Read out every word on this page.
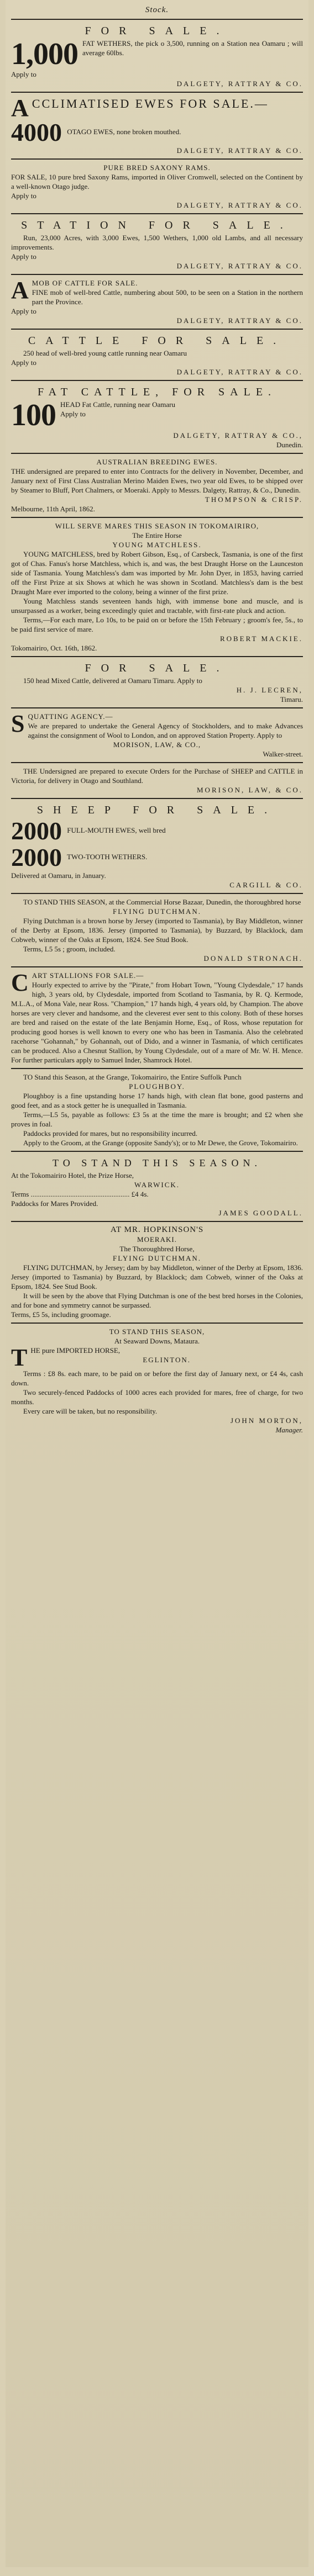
Stock.
FOR SALE.
1,000 FAT WETHERS, the pick o 3,500, running on a Station nea Oamaru ; will average 60lbs.

Apply to

DALGETY, RATTRAY & CO.
A CCLIMATISED EWES FOR SALE.—
4000 OTAGO EWES, none broken mouthed.
DALGETY, RATTRAY & CO.
PURE BRED SAXONY RAMS.

FOR SALE, 10 pure bred Saxony Rams, imported in Oliver Cromwell, selected on the Continent by a well-known Otago judge.

Apply to

DALGETY, RATTRAY & CO.
STATION FOR SALE.

Run, 23,000 Acres, with 3,000 Ewes, 1,500 Wethers, 1,000 old Lambs, and all necessary improvements.

Apply to

DALGETY, RATTRAY & CO.
A MOB OF CATTLE FOR SALE.

FINE mob of well-bred Cattle, numbering about 500, to be seen on a Station in the northern part the Province.

Apply to

DALGETY, RATTRAY & CO.
CATTLE FOR SALE.

250 head of well-bred young cattle running near Oamaru

Apply to

DALGETY, RATTRAY & CO.
FAT CATTLE, FOR SALE.
100 HEAD Fat Cattle, running near Oamaru

Apply to

DALGETY, RATTRAY & CO.,
Dunedin.
AUSTRALIAN BREEDING EWES.

THE undersigned are prepared to enter into Contracts for the delivery in November, December, and January next of First Class Australian Merino Maiden Ewes, two year old Ewes, to be shipped over by Steamer to Bluff, Port Chalmers, or Moeraki. Apply to Messrs. Dalgety, Rattray, & Co., Dunedin.

THOMPSON & CRISP.

Melbourne, 11th April, 1862.

WILL SERVE MARES THIS SEASON IN TOKOMAIRIRO,
The Entire Horse
YOUNG MATCHLESS.

YOUNG MATCHLESS, bred by Robert Gibson, Esq., of Carsbeck, Tasmania, is one of the first got of Chas. Fanus's horse Matchless, which is, and was, the best Draught Horse on the Launceston side of Tasmania. Young Matchless's dam was imported by Mr. John Dyer, in 1853, having carried off the First Prize at six Shows at which he was shown in Scotland. Matchless's dam is the best Draught Mare ever imported to the colony, being a winner of the first prize.

Young Matchless stands seventeen hands high, with immense bone and muscle, and is unsurpassed as a worker, being exceedingly quiet and tractable, with first-rate pluck and action.

Terms,—For each mare, Lo 10s, to be paid on or before the 15th February ; groom's fee, 5s., to be paid first service of mare.

ROBERT MACKIE.

Tokomairiro, Oct. 16th, 1862.

FOR SALE.

150 head Mixed Cattle, delivered at Oamaru Timaru. Apply to

H. J. LECREN,
Timaru.
S QUATTING AGENCY.—

We are prepared to undertake the General Agency of Stockholders, and to make Advances against the consignment of Wool to London, and on approved Station Property. Apply to

MORISON, LAW, & CO.,
Walker-street.

THE Undersigned are prepared to execute Orders for the Purchase of SHEEP and CATTLE in Victoria, for delivery in Otago and Southland.

MORISON, LAW, & CO.
SHEEP FOR SALE.
2000 FULL-MOUTH EWES, well bred
2000 TWO-TOOTH WETHERS.

Delivered at Oamaru, in January.

CARGILL & CO.

TO STAND THIS SEASON, at the Commercial Horse Bazaar, Dunedin, the thoroughbred horse

FLYING DUTCHMAN.

Flying Dutchman is a brown horse by Jersey (imported to Tasmania), by Bay Middleton, winner of the Derby at Epsom, 1836. Jersey (imported to Tasmania), by Buzzard, by Blacklock, dam Cobweb, winner of the Oaks at Epsom, 1824. See Stud Book.

Terms, L5 5s ; groom, included.

DONALD STRONACH.
C ART STALLIONS FOR SALE.—

Hourly expected to arrive by the "Pirate," from Hobart Town, "Young Clydesdale," 17 hands high, 3 years old, by Clydesdale, imported from Scotland to Tasmania, by R. Q. Kermode, M.L.A., of Mona Vale, near Ross. "Champion," 17 hands high, 4 years old, by Champion. The above horses are very clever and handsome, and the cleverest ever sent to this colony. Both of these horses are bred and raised on the estate of the late Benjamin Horne, Esq., of Ross, whose reputation for producing good horses is well known to every one who has been in Tasmania. Also the celebrated racehorse "Gohannah," by Gohannah, out of Dido, and a winner in Tasmania, of which certificates can be produced. Also a Chesnut Stallion, by Young Clydesdale, out of a mare of Mr. W. H. Mence. For further particulars apply to Samuel Inder, Shamrock Hotel.

TO Stand this Season, at the Grange, Tokomairiro, the Entire Suffolk Punch

PLOUGHBOY.

Ploughboy is a fine upstanding horse 17 hands high, with clean flat bone, good pasterns and good feet, and as a stock getter he is unequalled in Tasmania.

Terms,—L5 5s, payable as follows: £3 5s at the time the mare is brought; and £2 when she proves in foal.

Paddocks provided for mares, but no responsibility incurred.

Apply to the Groom, at the Grange (opposite Sandy's); or to Mr Dewe, the Grove, Tokomairiro.

TO STAND THIS SEASON.

At the Tokomairiro Hotel, the Prize Horse,

WARWICK.

Terms ....................................................... £4 4s.

Paddocks for Mares Provided.

JAMES GOODALL.
AT MR. HOPKINSON'S
MOERAKI.
The Thoroughbred Horse,
FLYING DUTCHMAN.

FLYING DUTCHMAN, by Jersey; dam by bay Middleton, winner of the Derby at Epsom, 1836. Jersey (imported to Tasmania) by Buzzard, by Blacklock; dam Cobweb, winner of the Oaks at Epsom, 1824. See Stud Book.

It will be seen by the above that Flying Dutchman is one of the best bred horses in the Colonies, and for bone and symmetry cannot be surpassed.

Terms, £5 5s, including groomage.

TO STAND THIS SEASON,
At Seaward Downs, Mataura.
T HE pure IMPORTED HORSE,
EGLINTON.

Terms : £8 8s. each mare, to be paid on or before the first day of January next, or £4 4s, cash down.

Two securely-fenced Paddocks of 1000 acres each provided for mares, free of charge, for two months.

Every care will be taken, but no responsibility.

JOHN MORTON,
Manager.
